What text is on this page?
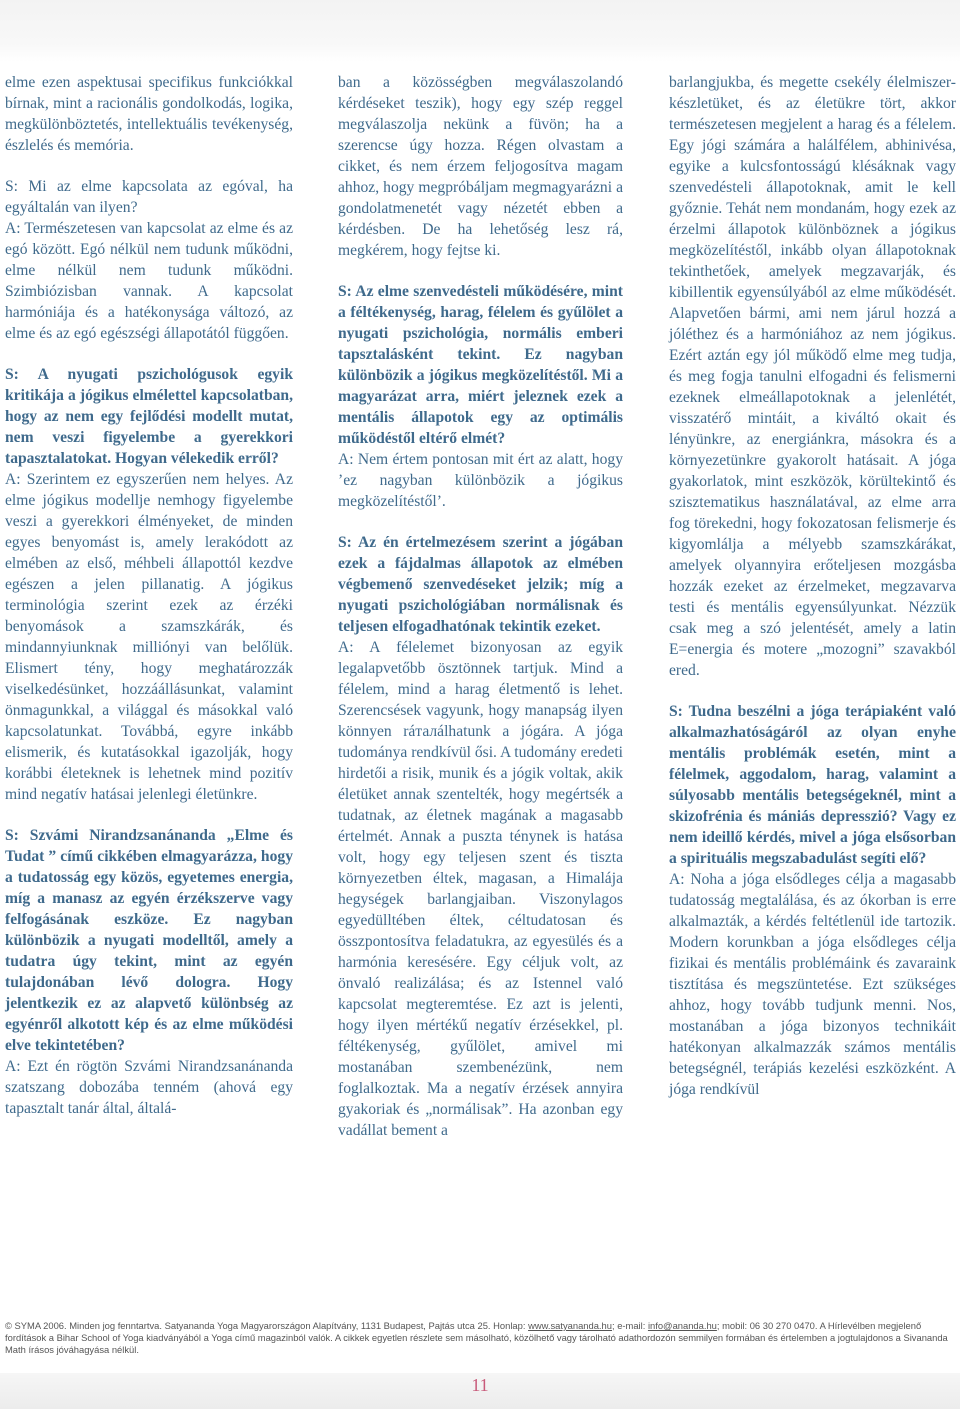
elme ezen aspektusai specifikus funkciókkal bírnak, mint a racionális gondolkodás, logika, megkülönböztetés, intellektuális tevékenység, észlelés és memória.

S: Mi az elme kapcsolata az egóval, ha egyáltalán van ilyen?

A: Természetesen van kapcsolat az elme és az egó között. Egó nélkül nem tudunk működni, elme nélkül nem tudunk működni. Szimbiózisban vannak. A kapcsolat harmóniája és a hatékonysága változó, az elme és az egó egészségi állapotától függően.

S: A nyugati pszichológusok egyik kritikája a jógikus elmélettel kapcsolatban, hogy az nem egy fejlődési modellt mutat, nem veszi figyelembe a gyerekkori tapasztalatokat. Hogyan vélekedik erről?

A: Szerintem ez egyszerűen nem helyes. Az elme jógikus modellje nemhogy figyelembe veszi a gyerekkori élményeket, de minden egyes benyomást is, amely lerakódott az elmében az első, méhbeli állapottól kezdve egészen a jelen pillanatig. A jógikus terminológia szerint ezek az érzéki benyomások a szamszkárák, és mindannyiunknak milliónyi van belőlük. Elismert tény, hogy meghatározzák viselkedésünket, hozzáállásunkat, valamint önmagunkkal, a világgal és másokkal való kapcsolatunkat. Továbbá, egyre inkább elismerik, és kutatásokkal igazolják, hogy korábbi életeknek is lehetnek mind pozitív mind negatív hatásai jelenlegi életünkre.

S: Szvámi Nirandzsanánanda „Elme és Tudat ” című cikkében elmagyarázza, hogy a tudatosság egy közös, egyetemes energia, míg a manasz az egyén érzékszerve vagy felfogásának eszköze. Ez nagyban különbözik a nyugati modelltől, amely a tudatra úgy tekint, mint az egyén tulajdonában lévő dologra. Hogy jelentkezik ez az alapvető különbség az egyénről alkotott kép és az elme működési elve tekintetében?

A: Ezt én rögtön Szvámi Nirandzsanánanda szatszang dobozába tenném (ahová egy tapasztalt tanár által, általá-

ban a közösségben megválaszolandó kérdéseket teszik), hogy egy szép reggel megválaszolja nekünk a füvön; ha a szerencse úgy hozza. Régen olvastam a cikket, és nem érzem feljogosítva magam ahhoz, hogy megpróbáljam megmagyarázni a gondolatmenetét vagy nézetét ebben a kérdésben. De ha lehetőség lesz rá, megkérem, hogy fejtse ki.

S: Az elme szenvedésteli működésére, mint a féltékenység, harag, félelem és gyűlölet a nyugati pszichológia, normális emberi tapsztalásként tekint. Ez nagyban különbözik a jógikus megközelítéstől. Mi a magyarázat arra, miért jeleznek ezek a mentális állapotok egy az optimális működéstől eltérő elmét?

A: Nem értem pontosan mit ért az alatt, hogy ’ez nagyban különbözik a jógikus megközelítéstől’.

S: Az én értelmezésem szerint a jógában ezek a fájdalmas állapotok az elmében végbemenő szenvedéseket jelzik; míg a nyugati pszichológiában normálisnak és teljesen elfogadhatónak tekintik ezeket.

A: A félelemet bizonyosan az egyik legalapvetőbb ösztönnek tartjuk. Mind a félelem, mind a harag életmentő is lehet. Szerencsések vagyunk, hogy manapság ilyen könnyen ráталálhatunk a jógára. A jóga tudománya rendkívül ősi. A tudomány eredeti hirdetői a risik, munik és a jógik voltak, akik életüket annak szentelték, hogy megértsék a tudatnak, az életnek magának a magasabb értelmét. Annak a puszta ténynek is hatása volt, hogy egy teljesen szent és tiszta környezetben éltek, magasan, a Himalája hegységek barlangjaiban. Viszonylagos egyedülltében éltek, céltudatosan és összpontosítva feladatukra, az egyesülés és a harmónia keresésére. Egy céljuk volt, az önvaló realizálása; és az Istennel való kapcsolat megteremtése. Ez azt is jelenti, hogy ilyen mértékű negatív érzésekkel, pl. féltékenység, gyűlölet, amivel mi mostanában szembenézünk, nem foglalkoztak. Ma a negatív érzések annyira gyakoriak és „normálisak”. Ha azonban egy vadállat bement a

barlangjukba, és megette csekély élelmiszer-készletüket, és az életükre tört, akkor természetesen megjelent a harag és a félelem. Egy jógi számára a halálfélem, abhinivésa, egyike a kulcsfontosságú klésáknak vagy szenvedésteli állapotoknak, amit le kell győznie. Tehát nem mondanám, hogy ezek az érzelmi állapotok különböznek a jógikus megközelítéstől, inkább olyan állapotoknak tekinthetőek, amelyek megzavarják, és kibillentik egyensúlyából az elme működését. Alapvetően bármi, ami nem járul hozzá a jóléthez és a harmóniához az nem jógikus. Ezért aztán egy jól működő elme meg tudja, és meg fogja tanulni elfogadni és felismerni ezeknek elmeállapotoknak a jelenlétét, visszatérő mintáit, a kiváltó okait és lényünkre, az energiánkra, másokra és a környezetünkre gyakorolt hatásait. A jóga gyakorlatok, mint eszközök, körültekintő és szisztematikus használatával, az elme arra fog törekedni, hogy fokozatosan felismerje és kigyomlálja a mélyebb szamszkárákat, amelyek olyannyira erőteljesen mozgásba hozzák ezeket az érzelmeket, megzavarva testi és mentális egyensúlyunkat. Nézzük csak meg a szó jelentését, amely a latin E=energia és motere „mozogni” szavakból ered.

S: Tudna beszélni a jóga terápiaként való alkalmazhatóságáról az olyan enyhe mentális problémák esetén, mint a félelmek, aggodalom, harag, valamint a súlyosabb mentális betegségeknél, mint a skizofrénia és mániás depresszió? Vagy ez nem ideillő kérdés, mivel a jóga elsősorban a spirituális megszabadulást segíti elő?

A: Noha a jóga elsődleges célja a magasabb tudatosság megtalálása, és az ókorban is erre alkalmazták, a kérdés feltétlenül ide tartozik. Modern korunkban a jóga elsődleges célja fizikai és mentális problémáink és zavaraink tisztítása és megszüntetése. Ezt szükséges ahhoz, hogy tovább tudjunk menni. Nos, mostanában a jóga bizonyos technikáit hatékonyan alkalmazzák számos mentális betegségnél, terápiás kezelési eszközként. A jóga rendkívül

© SYMA 2006. Minden jog fenntartva. Satyananda Yoga Magyarországon Alapítvány, 1131 Budapest, Pajtás utca 25. Honlap: www.satyananda.hu; e-mail: info@ananda.hu; mobil: 06 30 270 0470. A Hírlevélben megjelenő fordítások a Bihar School of Yoga kiadványából a Yoga című magazinból valók. A cikkek egyetlen részlete sem másolható, közölhető vagy tárolható adathordozón semmilyen formában és értelemben a jogtulajdonos a Sivananda Math írásos jóváhagyása nélkül.
11
